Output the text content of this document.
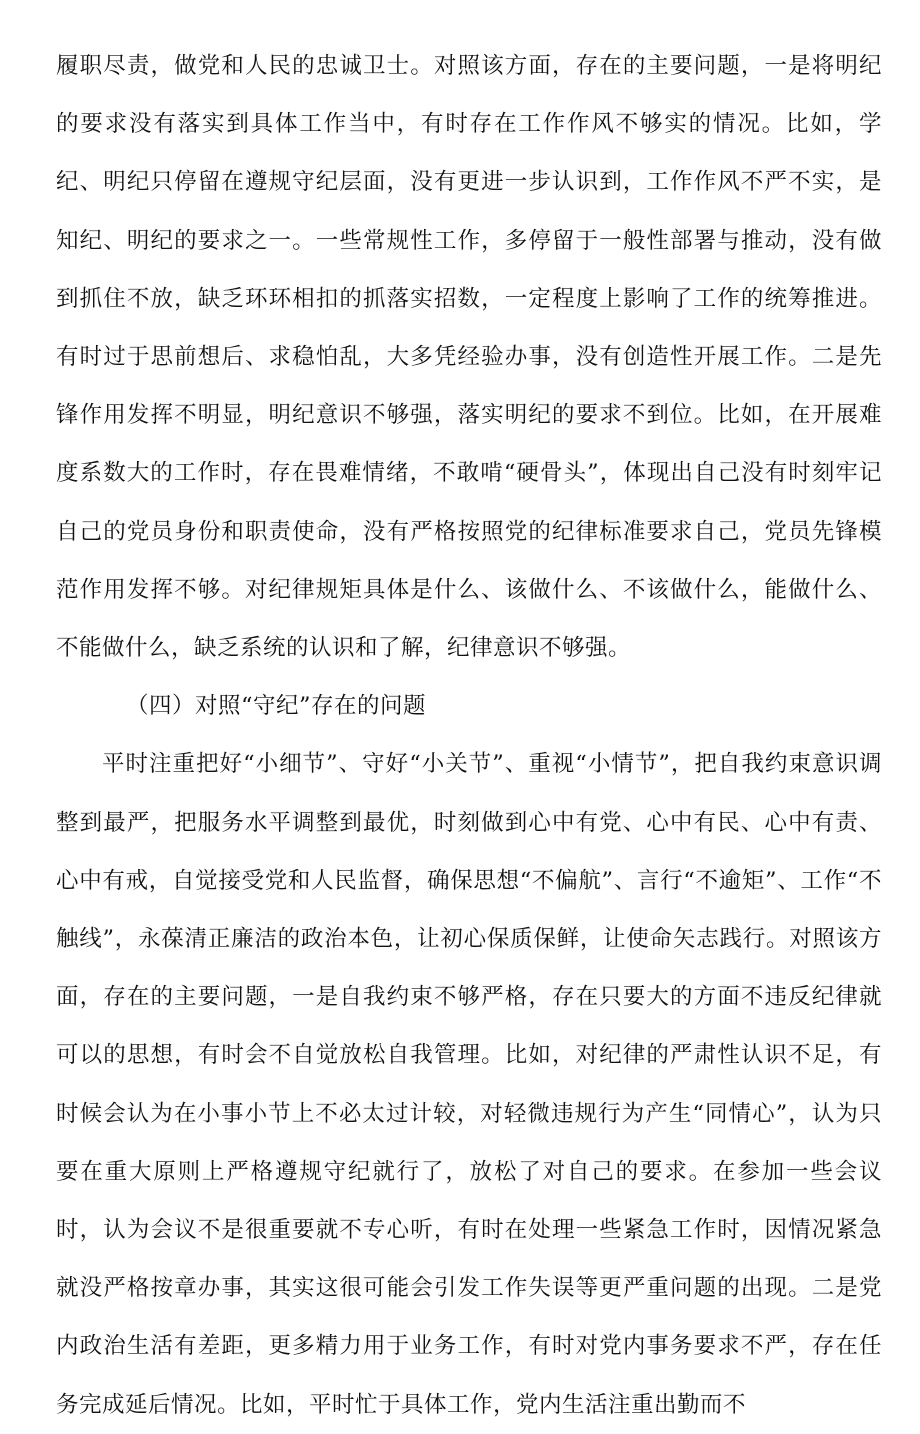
履职尽责，做党和人民的忠诚卫士。对照该方面，存在的主要问题，一是将明纪的要求没有落实到具体工作当中，有时存在工作作风不够实的情况。比如，学纪、明纪只停留在遵规守纪层面，没有更进一步认识到，工作作风不严不实，是知纪、明纪的要求之一。一些常规性工作，多停留于一般性部署与推动，没有做到抓住不放，缺乏环环相扣的抓落实招数，一定程度上影响了工作的统筹推进。有时过于思前想后、求稳怕乱，大多凭经验办事，没有创造性开展工作。二是先锋作用发挥不明显，明纪意识不够强，落实明纪的要求不到位。比如，在开展难度系数大的工作时，存在畏难情绪，不敢啃“硬骨头”，体现出自己没有时刻牢记自己的党员身份和职责使命，没有严格按照党的纪律标准要求自己，党员先锋模范作用发挥不够。对纪律规矩具体是什么、该做什么、不该做什么，能做什么、不能做什么，缺乏系统的认识和了解，纪律意识不够强。

（四）对照“守纪”存在的问题

平时注重把好“小细节”、守好“小关节”、重视“小情节”，把自我约束意识调整到最严，把服务水平调整到最优，时刻做到心中有党、心中有民、心中有责、心中有戒，自觉接受党和人民监督，确保思想“不偏航”、言行“不逾矩”、工作“不触线”，永葆清正廉洁的政治本色，让初心保质保鲜，让使命矢志践行。对照该方面，存在的主要问题，一是自我约束不够严格，存在只要大的方面不违反纪律就可以的思想，有时会不自觉放松自我管理。比如，对纪律的严肃性认识不足，有时候会认为在小事小节上不必太过计较，对轻微违规行为产生“同情心”，认为只要在重大原则上严格遵规守纪就行了，放松了对自己的要求。在参加一些会议时，认为会议不是很重要就不专心听，有时在处理一些紧急工作时，因情况紧急就没严格按章办事，其实这很可能会引发工作失误等更严重问题的出现。二是党内政治生活有差距，更多精力用于业务工作，有时对党内事务要求不严，存在任务完成延后情况。比如，平时忙于具体工作，党内生活注重出勤而不
